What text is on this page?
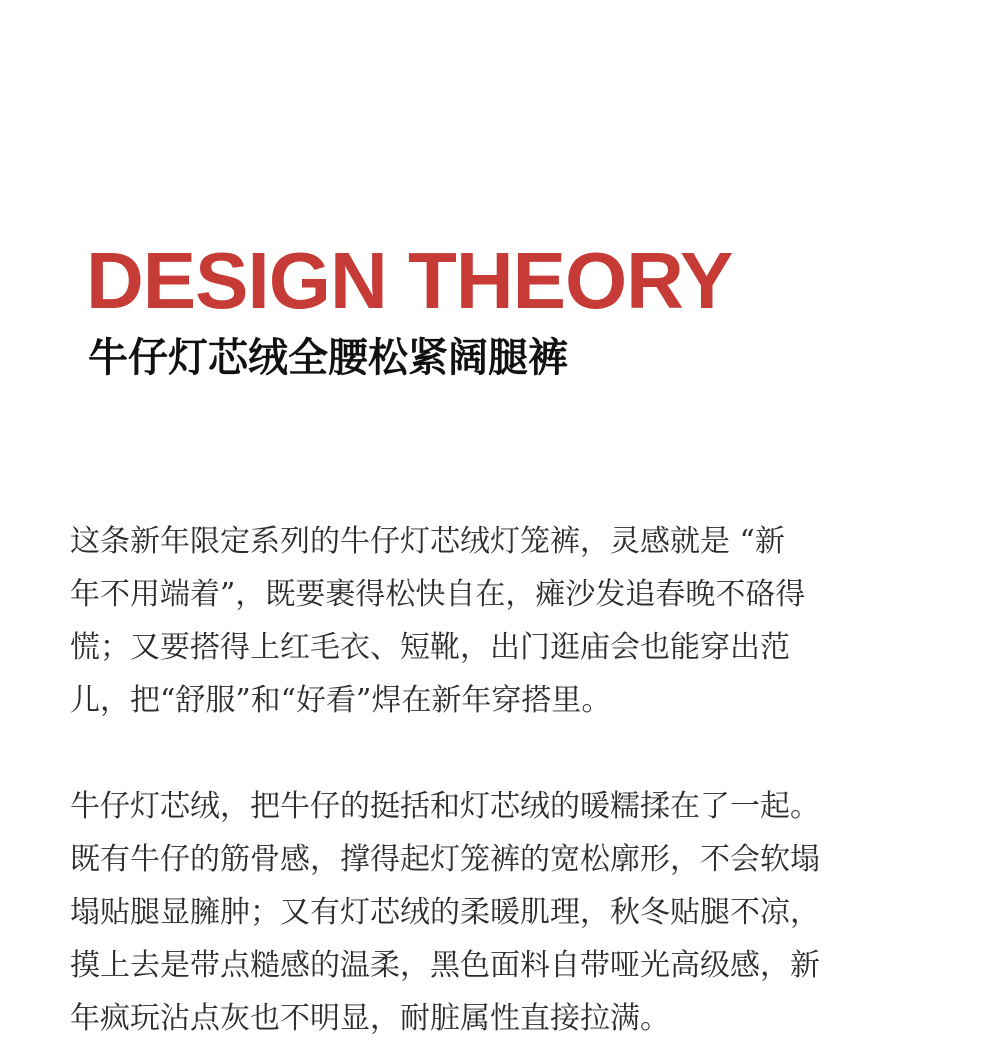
DESIGN THEORY
牛仔灯芯绒全腰松紧阔腿裤

这条新年限定系列的牛仔灯芯绒灯笼裤，灵感就是 “新
年不用端着”，既要裹得松快自在，瘫沙发追春晚不硌得
慌；又要搭得上红毛衣、短靴，出门逛庙会也能穿出范
儿，把“舒服”和“好看”焊在新年穿搭里。

牛仔灯芯绒，把牛仔的挺括和灯芯绒的暖糯揉在了一起。
既有牛仔的筋骨感，撑得起灯笼裤的宽松廓形，不会软塌
塌贴腿显臃肿；又有灯芯绒的柔暖肌理，秋冬贴腿不凉，
摸上去是带点糙感的温柔，黑色面料自带哑光高级感，新
年疯玩沾点灰也不明显，耐脏属性直接拉满。
